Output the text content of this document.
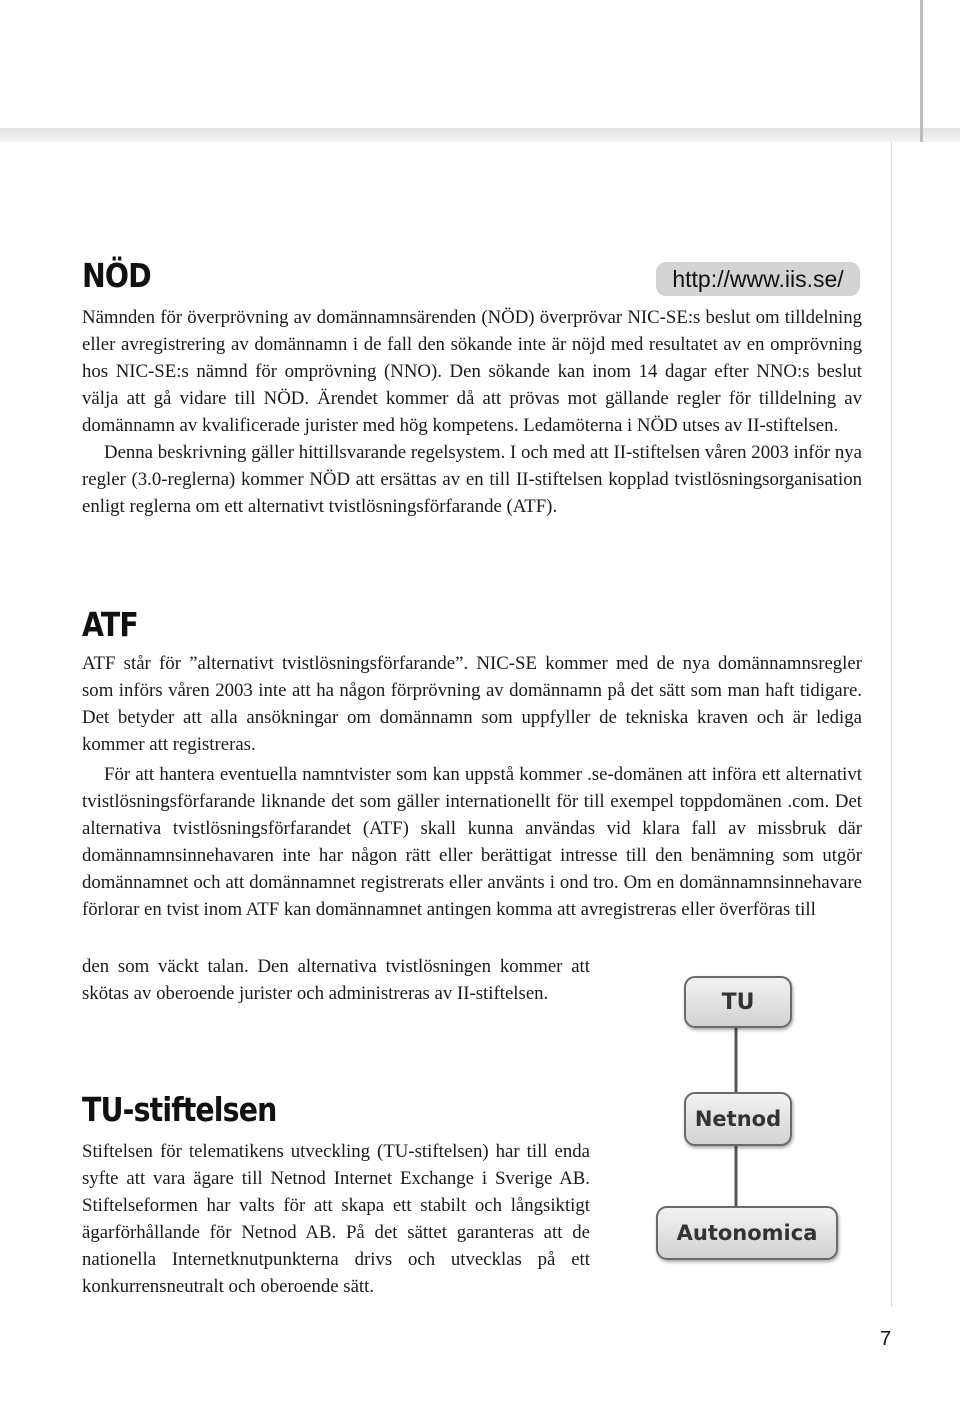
NÖD	http://www.iis.se/

Nämnden för överprövning av domännamnsärenden (NÖD) överprövar NIC-SE:s beslut om tilldelning eller avregistrering av domännamn i de fall den sökande inte är nöjd med resultatet av en omprövning hos NIC-SE:s nämnd för omprövning (NNO). Den sökande kan inom 14 dagar efter NNO:s beslut välja att gå vidare till NÖD. Ärendet kommer då att prövas mot gällande regler för tilldelning av domännamn av kvalificerade jurister med hög kompetens. Ledamöterna i NÖD utses av II-stiftelsen.

Denna beskrivning gäller hittillsvarande regelsystem. I och med att II-stiftelsen våren 2003 inför nya regler (3.0-reglerna) kommer NÖD att ersättas av en till II-stiftelsen kopplad tvistlösningsorganisation enligt reglerna om ett alternativt tvistlösningsförfarande (ATF).

ATF

ATF står för ”alternativt tvistlösningsförfarande”. NIC-SE kommer med de nya domännamnsregler som införs våren 2003 inte att ha någon förprövning av domännamn på det sätt som man haft tidigare. Det betyder att alla ansökningar om domännamn som uppfyller de tekniska kraven och är lediga kommer att registreras.

För att hantera eventuella namntvister som kan uppstå kommer .se-domänen att införa ett alternativt tvistlösningsförfarande liknande det som gäller internationellt för till exempel toppdomänen .com. Det alternativa tvistlösningsförfarandet (ATF) skall kunna användas vid klara fall av missbruk där domännamnsinnehavaren inte har någon rätt eller berättigat intresse till den benämning som utgör domännamnet och att domännamnet registrerats eller använts i ond tro. Om en domännamnsinnehavare förlorar en tvist inom ATF kan domännamnet antingen komma att avregistreras eller överföras till

den som väckt talan. Den alternativa tvistlösningen kommer att skötas av oberoende jurister och administreras av II-stiftelsen.

TU-stiftelsen

Stiftelsen för telematikens utveckling (TU-stiftelsen) har till enda syfte att vara ägare till Netnod Internet Exchange i Sverige AB. Stiftelseformen har valts för att skapa ett stabilt och långsiktigt ägarförhållande för Netnod AB. På det sättet garanteras att de nationella Internetknutpunkterna drivs och utvecklas på ett konkurrensneutralt och oberoende sätt.

TU
Netnod
Autonomica
7
